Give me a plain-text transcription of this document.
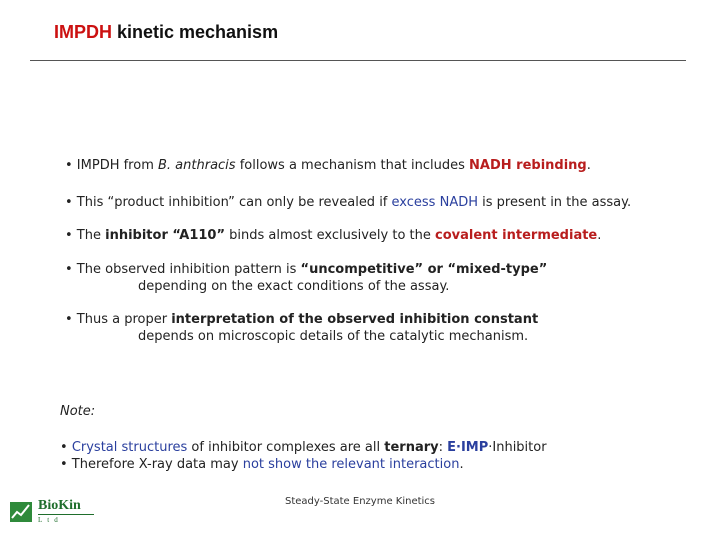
IMPDH kinetic mechanism
• IMPDH from B. anthracis follows a mechanism that includes NADH rebinding.
• This “product inhibition” can only be revealed if excess NADH is present in the assay.
• The inhibitor “A110” binds almost exclusively to the covalent intermediate.
• The observed inhibition pattern is “uncompetitive” or “mixed-type”
depending on the exact conditions of the assay.
• Thus a proper interpretation of the observed inhibition constant
depends on microscopic details of the catalytic mechanism.
Note:
• Crystal structures of inhibitor complexes are all ternary: E·IMP·Inhibitor
• Therefore X-ray data may not show the relevant interaction.
Steady-State Enzyme Kinetics
BioKin
Ltd
